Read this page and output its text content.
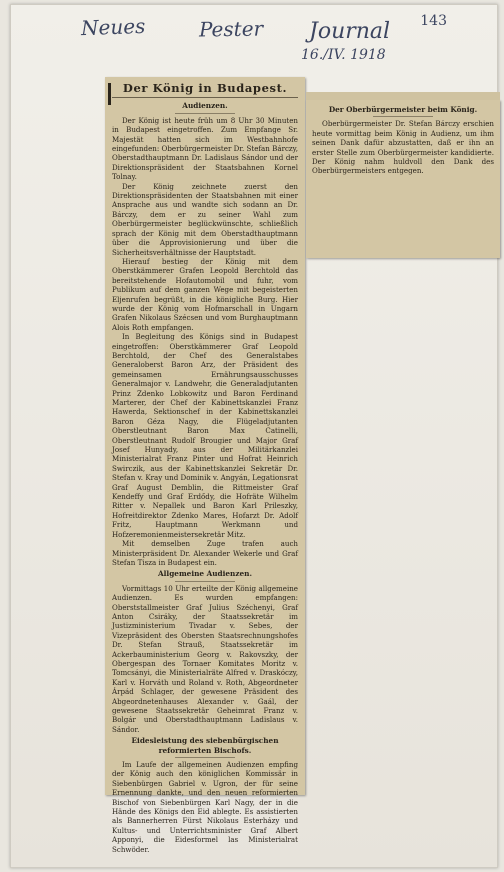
Neues	Pester Journal
16./IV. 1918
143
Der König in Budapest.
Audienzen.

Der König ist heute früh um 8 Uhr 30 Minuten in Budapest eingetroffen. Zum Empfange Sr. Majestät hatten sich im Westbahnhofe eingefunden: Oberbürgermeister Dr. Stefan Bárczy, Oberstadthauptmann Dr. Ladislaus Sándor und der Direktionspräsident der Staatsbahnen Kornel Tolnay.

Der König zeichnete zuerst den Direktionspräsidenten der Staatsbahnen mit einer Ansprache aus und wandte sich sodann an Dr. Bárczy, dem er zu seiner Wahl zum Oberbürgermeister beglückwünschte, schließlich sprach der König mit dem Oberstadthauptmann über die Approvisionierung und über die Sicherheitsverhältnisse der Hauptstadt.

Hierauf bestieg der König mit dem Oberstkämmerer Grafen Leopold Berchtold das bereitstehende Hofautomobil und fuhr, vom Publikum auf dem ganzen Wege mit begeisterten Eljenrufen begrüßt, in die königliche Burg. Hier wurde der König vom Hofmarschall in Ungarn Grafen Nikolaus Szécsen und vom Burghauptmann Alois Roth empfangen.

In Begleitung des Königs sind in Budapest eingetroffen: Oberstkämmerer Graf Leopold Berchtold, der Chef des Generalstabes Generaloberst Baron Arz, der Präsident des gemeinsamen Ernährungsausschusses Generalmajor v. Landwehr, die Generaladjutanten Prinz Zdenko Lobkowitz und Baron Ferdinand Marterer, der Chef der Kabinettskanzlei Franz Hawerda, Sektionschef in der Kabinettskanzlei Baron Géza Nagy, die Flügeladjutanten Oberstleutnant Baron Max Catinelli, Oberstleutnant Rudolf Brougier und Major Graf Josef Hunyady, aus der Militärkanzlei Ministerialrat Franz Pinter und Hofrat Heinrich Swirczik, aus der Kabinettskanzlei Sekretär Dr. Stefan v. Kray und Dominik v. Angyán, Legationsrat Graf August Demblin, die Rittmeister Graf Kendeffy und Graf Erdődy, die Hofräte Wilhelm Ritter v. Nepallek und Baron Karl Prileszky, Hofreitdirektor Zdenko Mares, Hofarzt Dr. Adolf Fritz, Hauptmann Werkmann und Hofzeremonienmeistersekretär Mitz.

Mit demselben Zuge trafen auch Ministerpräsident Dr. Alexander Wekerle und Graf Stefan Tisza in Budapest ein.

Allgemeine Audienzen.

Vormittags 10 Uhr erteilte der König allgemeine Audienzen. Es wurden empfangen: Oberststallmeister Graf Julius Széchenyi, Graf Anton Csiráky, der Staatssekretär im Justizministerium Tivadar v. Sebes, der Vizepräsident des Obersten Staatsrechnungshofes Dr. Stefan Strauß, Staatssekretär im Ackerbauministerium Georg v. Rakovszky, der Obergespan des Tornaer Komitates Moritz v. Tomcsányi, die Ministerialräte Alfred v. Draskóczy, Karl v. Horváth und Roland v. Roth, Abgeordneter Árpád Schlager, der gewesene Präsident des Abgeordnetenhauses Alexander v. Gaál, der gewesene Staatssekretär Geheimrat Franz v. Bolgár und Oberstadthauptmann Ladislaus v. Sándor.

Eidesleistung des siebenbürgischen reformierten Bischofs.

Im Laufe der allgemeinen Audienzen empfing der König auch den königlichen Kommissär in Siebenbürgen Gabriel v. Ugron, der für seine Ernennung dankte, und den neuen reformierten Bischof von Siebenbürgen Karl Nagy, der in die Hände des Königs den Eid ablegte. Es assistierten als Bannerherren Fürst Nikolaus Esterházy und Kultus- und Unterrichtsminister Graf Albert Apponyi, die Eidesformel las Ministerialrat Schwöder.

Der Oberbürgermeister beim König.

Oberbürgermeister Dr. Stefan Bárczy erschien heute vormittag beim König in Audienz, um ihm seinen Dank dafür abzustatten, daß er ihn an erster Stelle zum Oberbürgermeister kandidierte. Der König nahm huldvoll den Dank des Oberbürgermeisters entgegen.
